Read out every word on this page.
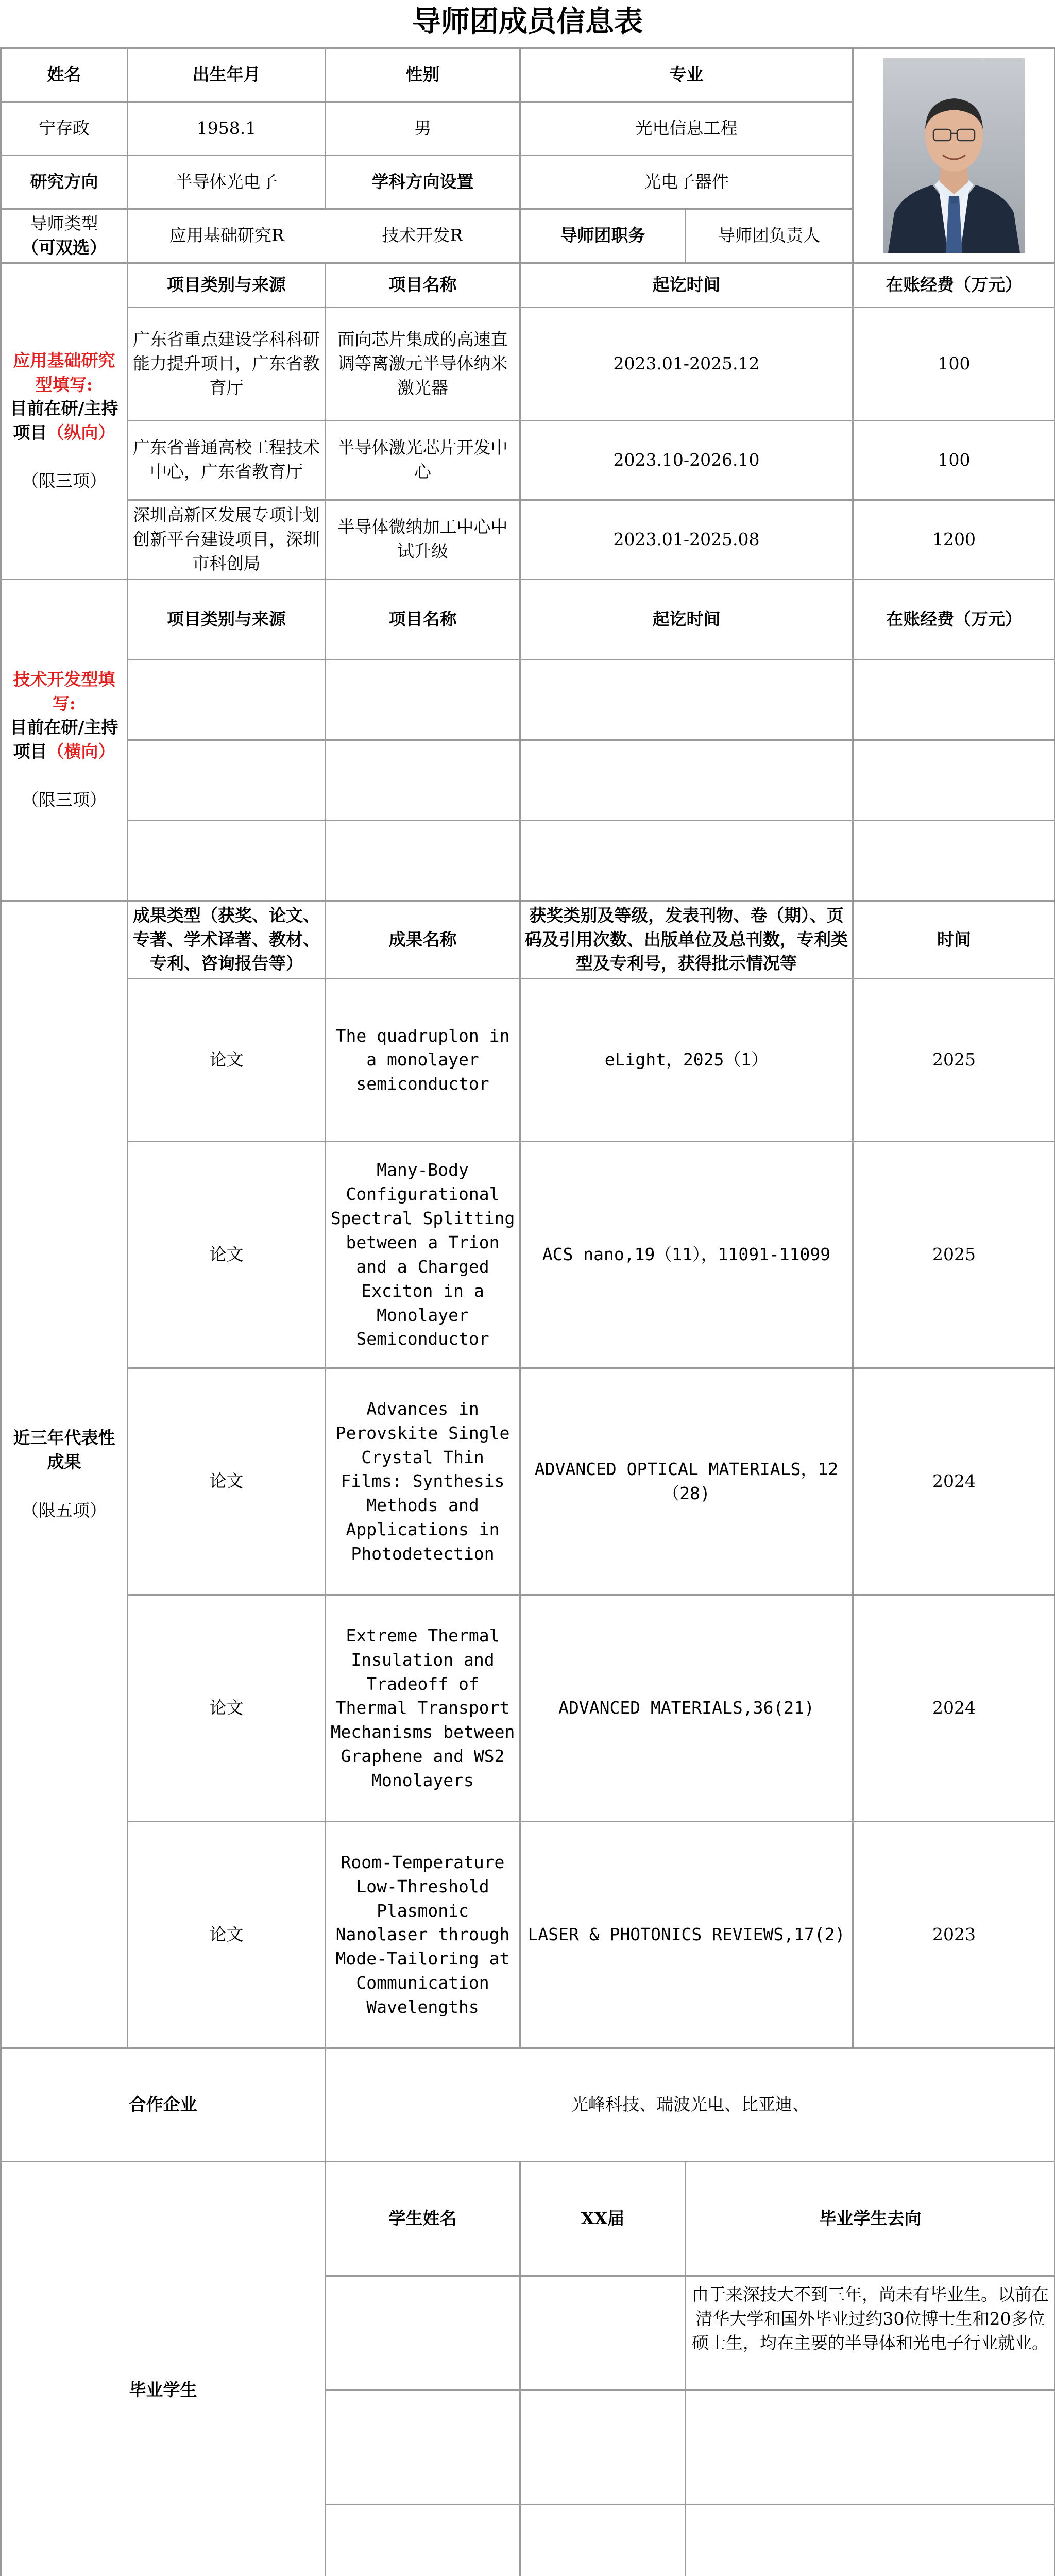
导师团成员信息表
姓名	出生年月	性别	专业	

宁存政	1958.1	男	光电信息工程		
研究方向	半导体光电子	学科方向设置	光电子器件		

导师类型
（可双选）	应用基础研究R	技术开发R	导师团职务	导师团负责人	
应用基础研究型填写:
目前在研/主持项目（纵向）

（限三项）	项目类别与来源	项目名称	起讫时间		在账经费（万元）
	广东省重点建设学科科研能力提升项目，广东省教育厅	面向芯片集成的高速直调等离激元半导体纳米激光器	2023.01-2025.12		100
	广东省普通高校工程技术中心，广东省教育厅	半导体激光芯片开发中心	2023.10-2026.10		100
	深圳高新区发展专项计划创新平台建设项目，深圳市科创局	半导体微纳加工中心中试升级	2023.01-2025.08		1200
技术开发型填写:
目前在研/主持项目（横向）

（限三项）	项目类别与来源	项目名称	起讫时间		在账经费（万元）

近三年代表性成果

（限五项）	成果类型（获奖、论文、专著、学术译著、教材、专利、咨询报告等）	成果名称	获奖类别及等级，发表刊物、卷（期）、页码及引用次数、出版单位及总刊数，专利类型及专利号，获得批示情况等		时间
	论文	The quadruplon in a monolayer semiconductor	eLight，2025（1）		2025
	论文	Many-Body Configurational Spectral Splitting between a Trion and a Charged Exciton in a Monolayer Semiconductor	ACS nano,19（11），11091-11099		2025
	论文	Advances in Perovskite Single Crystal Thin Films: Synthesis Methods and Applications in Photodetection	ADVANCED OPTICAL MATERIALS，12（28)		2024
	论文	Extreme Thermal Insulation and Tradeoff of Thermal Transport Mechanisms between Graphene and WS2 Monolayers	ADVANCED MATERIALS,36(21)		2024
	论文	Room-Temperature Low-Threshold Plasmonic Nanolaser through Mode-Tailoring at Communication Wavelengths	LASER & PHOTONICS REVIEWS,17(2)		2023
合作企业		光峰科技、瑞波光电、比亚迪、			
毕业学生		学生姓名	XX届	毕业学生去向	
				由于来深技大不到三年，尚未有毕业生。以前在清华大学和国外毕业过约30位博士生和20多位硕士生，均在主要的半导体和光电子行业就业。	
